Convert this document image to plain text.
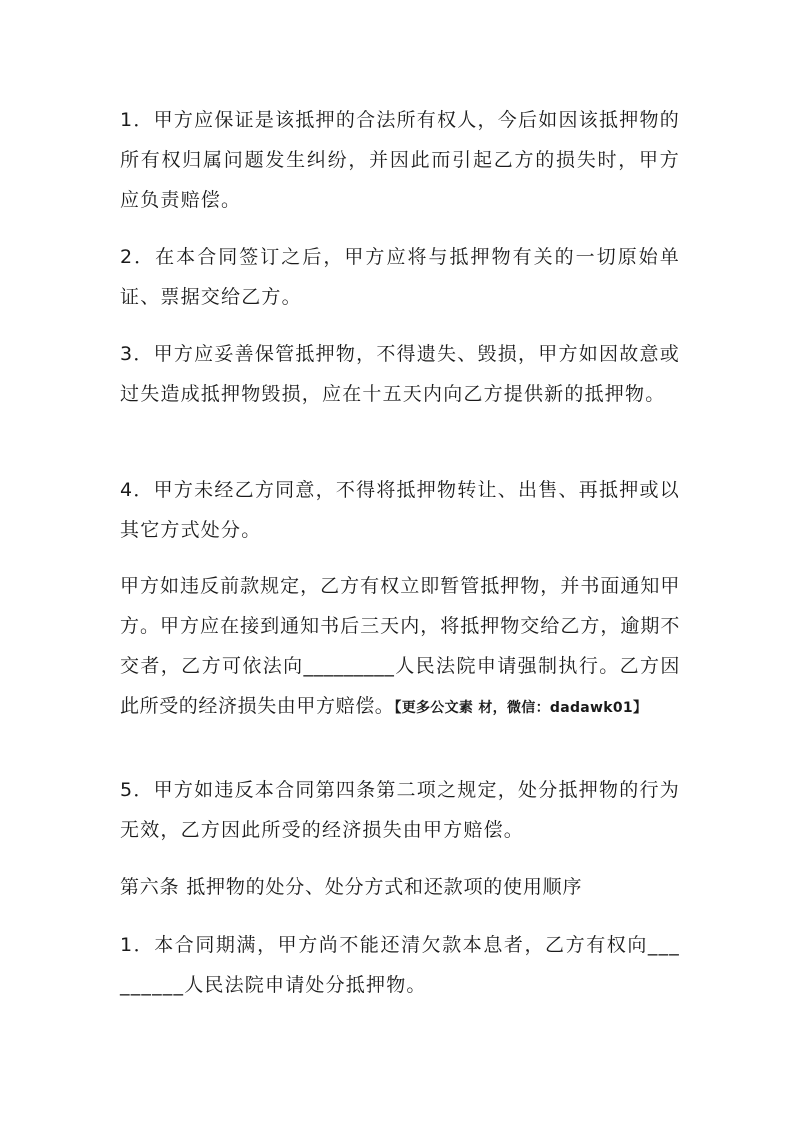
1．甲方应保证是该抵押的合法所有权人，今后如因该抵押物的所有权归属问题发生纠纷，并因此而引起乙方的损失时，甲方应负责赔偿。

2．在本合同签订之后，甲方应将与抵押物有关的一切原始单证、票据交给乙方。

3．甲方应妥善保管抵押物，不得遗失、毁损，甲方如因故意或过失造成抵押物毁损，应在十五天内向乙方提供新的抵押物。

4．甲方未经乙方同意，不得将抵押物转让、出售、再抵押或以其它方式处分。

甲方如违反前款规定，乙方有权立即暂管抵押物，并书面通知甲方。甲方应在接到通知书后三天内，将抵押物交给乙方，逾期不交者，乙方可依法向_________人民法院申请强制执行。乙方因此所受的经济损失由甲方赔偿。【更多公文素 材，微信：dadawk01】

5．甲方如违反本合同第四条第二项之规定，处分抵押物的行为无效，乙方因此所受的经济损失由甲方赔偿。

第六条 抵押物的处分、处分方式和还款项的使用顺序

1．本合同期满，甲方尚不能还清欠款本息者，乙方有权向_________人民法院申请处分抵押物。
